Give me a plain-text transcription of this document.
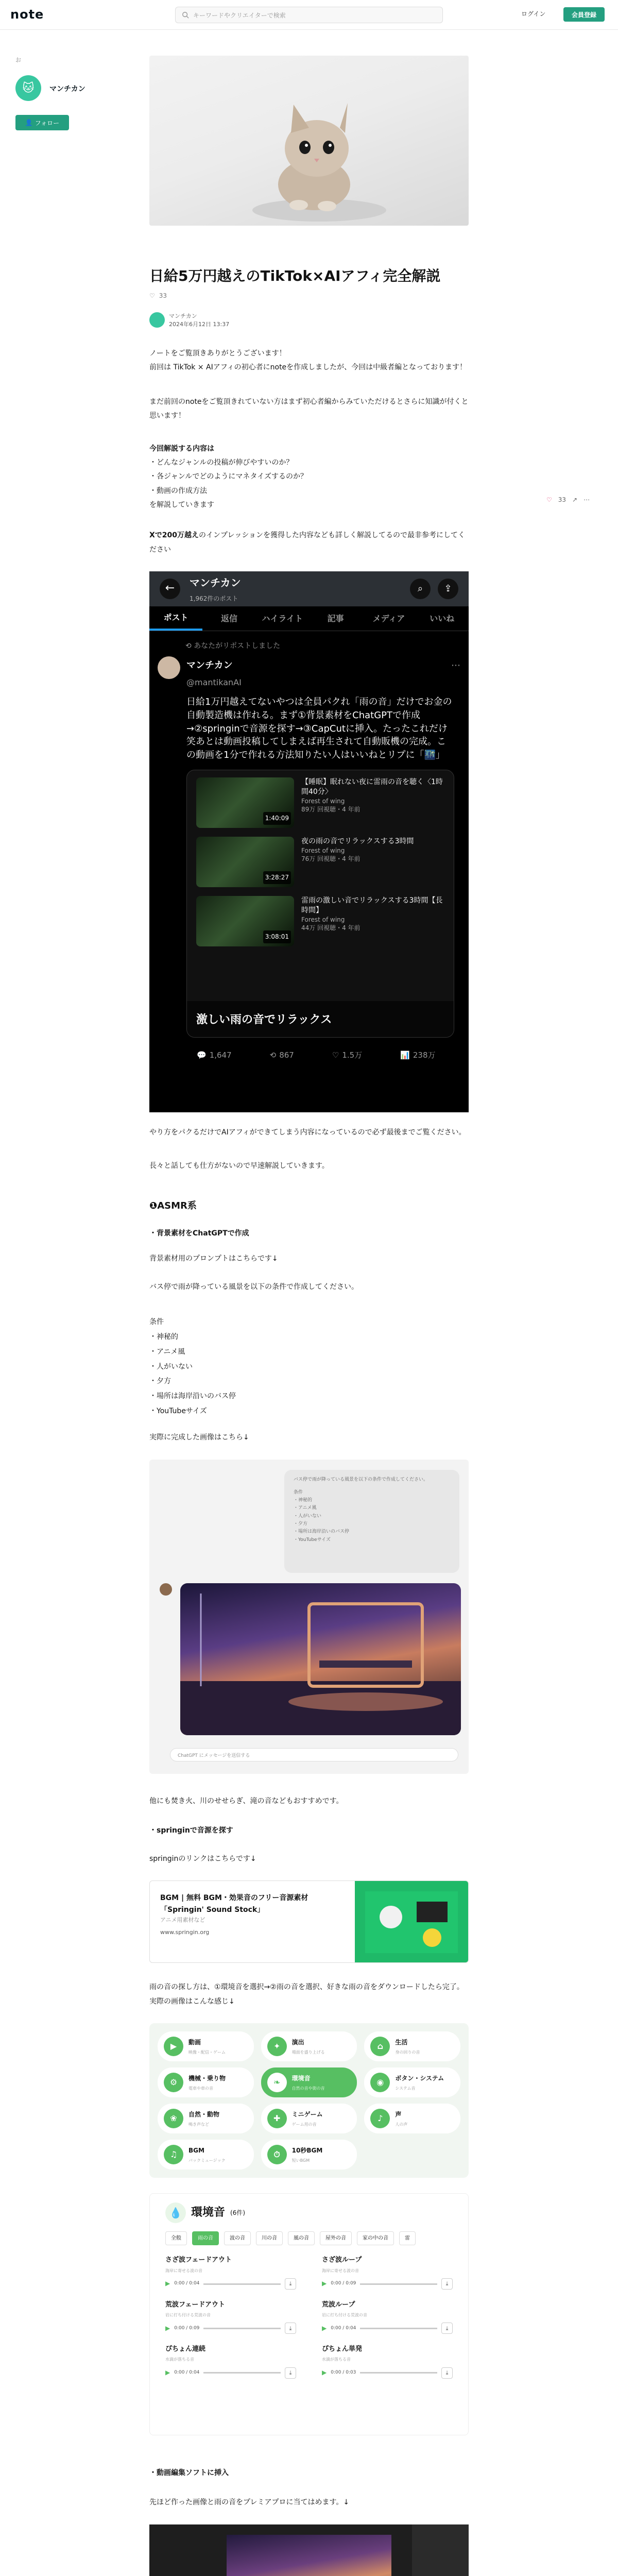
note	キーワードやクリエイターで検索	ログイン	会員登録
お
🐱	マンチカン
👤 フォロー
♡ 33 ↗ ⋯
日給5万円越えのTikTok×AIアフィ完全解説
♡ 33
マンチカン
2024年6月12日 13:37

ノートをご覧頂きありがとうございます！
前回は TikTok × AIアフィの初心者にnoteを作成しましたが、今回は中級者編となっております！

まだ前回のnoteをご覧頂きれていない方はまず初心者編からみていただけるとさらに知識が付くと思います！

今回解説する内容は
・どんなジャンルの投稿が伸びやすいのか？
・各ジャンルでどのようにマネタイズするのか？
・動画の作成方法
を解説していきます

Xで200万越えのインプレッションを獲得した内容なども詳しく解説してるので最非参考にしてください

←	マンチカン
1,962件のポスト
⌕	⇪
ポスト	返信	ハイライト	記事	メディア	いいね
⟲ あなたがリポストしました
マンチカン
@mantikanAI
⋯
日給1万円越えてないやつは全員パクれ「雨の音」だけでお金の自動製造機は作れる。まず①背景素材をChatGPTで作成→②springinで音源を探す→③CapCutに挿入。たったこれだけ笑あとは動画投稿してしまえば再生されて自動販機の完成。この動画を1分で作れる方法知りたい人はいいねとリプに「🌃」
1:40:09
【睡眠】眠れない夜に雷雨の音を聴く〈1時間40分〉
Forest of wing
89万 回視聴・4 年前
3:28:27
夜の雨の音でリラックスする3時間
Forest of wing
76万 回視聴・4 年前
3:08:01
雷雨の激しい音でリラックスする3時間【長時間】
Forest of wing
44万 回視聴・4 年前
激しい雨の音でリラックス
💬 1,647	⟲ 867	♡ 1.5万	📊 238万

やり方をパクるだけでAIアフィができてしまう内容になっているので必ず最後までご覧ください。

長々と話しても仕方がないので早速解説していきます。

❶ASMR系
・背景素材をChatGPTで作成

背景素材用のプロンプトはこちらです↓

バス停で雨が降っている風景を以下の条件で作成してください。

条件
・神秘的
・アニメ風
・人がいない
・夕方
・場所は海岸沿いのバス停
・YouTubeサイズ

実際に完成した画像はこちら↓

バス停で雨が降っている風景を以下の条件で作成してください。
条件
・神秘的
・アニメ風
・人がいない
・夕方
・場所は海岸沿いのバス停
・YouTubeサイズ
ChatGPT にメッセージを送信する

他にも焚き火、川のせせらぎ、滝の音などもおすすめです。

・springinで音源を探す

springinのリンクはこちらです↓

BGM | 無料 BGM・効果音のフリー音源素材「Springin' Sound Stock」
アニメ用素材など
www.springin.org

雨の音の探し方は、①環境音を選択→②雨の音を選択、好きな雨の音をダウンロードしたら完了。
実際の画像はこんな感じ↓

▶	動画
映像・配信・ゲーム
✦	演出
場面を盛り上げる
⌂	生活
身の回りの音
⚙	機械・乗り物
電車や車の音
❧	環境音
自然の音や街の音
◉	ボタン・システム
システム音
❀	自然・動物
鳴き声など
✚	ミニゲーム
ゲーム用の音
♪	声
人の声
♫	BGM
バックミュージック
⏱	10秒BGM
短いBGM
💧 環境音 (6件)
全般	雨の音	波の音	川の音	風の音	屋外の音	家の中の音	雷
さざ波フェードアウト
海岸に寄せる波の音
▶ 0:00 / 0:04	⤓
さざ波ループ
海岸に寄せる波の音
▶ 0:00 / 0:09	⤓
荒波フェードアウト
岩に打ち付ける荒波の音
▶ 0:00 / 0:09	⤓
荒波ループ
岩に打ち付ける荒波の音
▶ 0:00 / 0:04	⤓
ぴちょん連続
水滴が落ちる音
▶ 0:00 / 0:04	⤓
ぴちょん単発
水滴が落ちる音
▶ 0:00 / 0:03	⤓
・動画編集ソフトに挿入

先ほど作った画像と雨の音をプレミアプロに当てはめます。↓
